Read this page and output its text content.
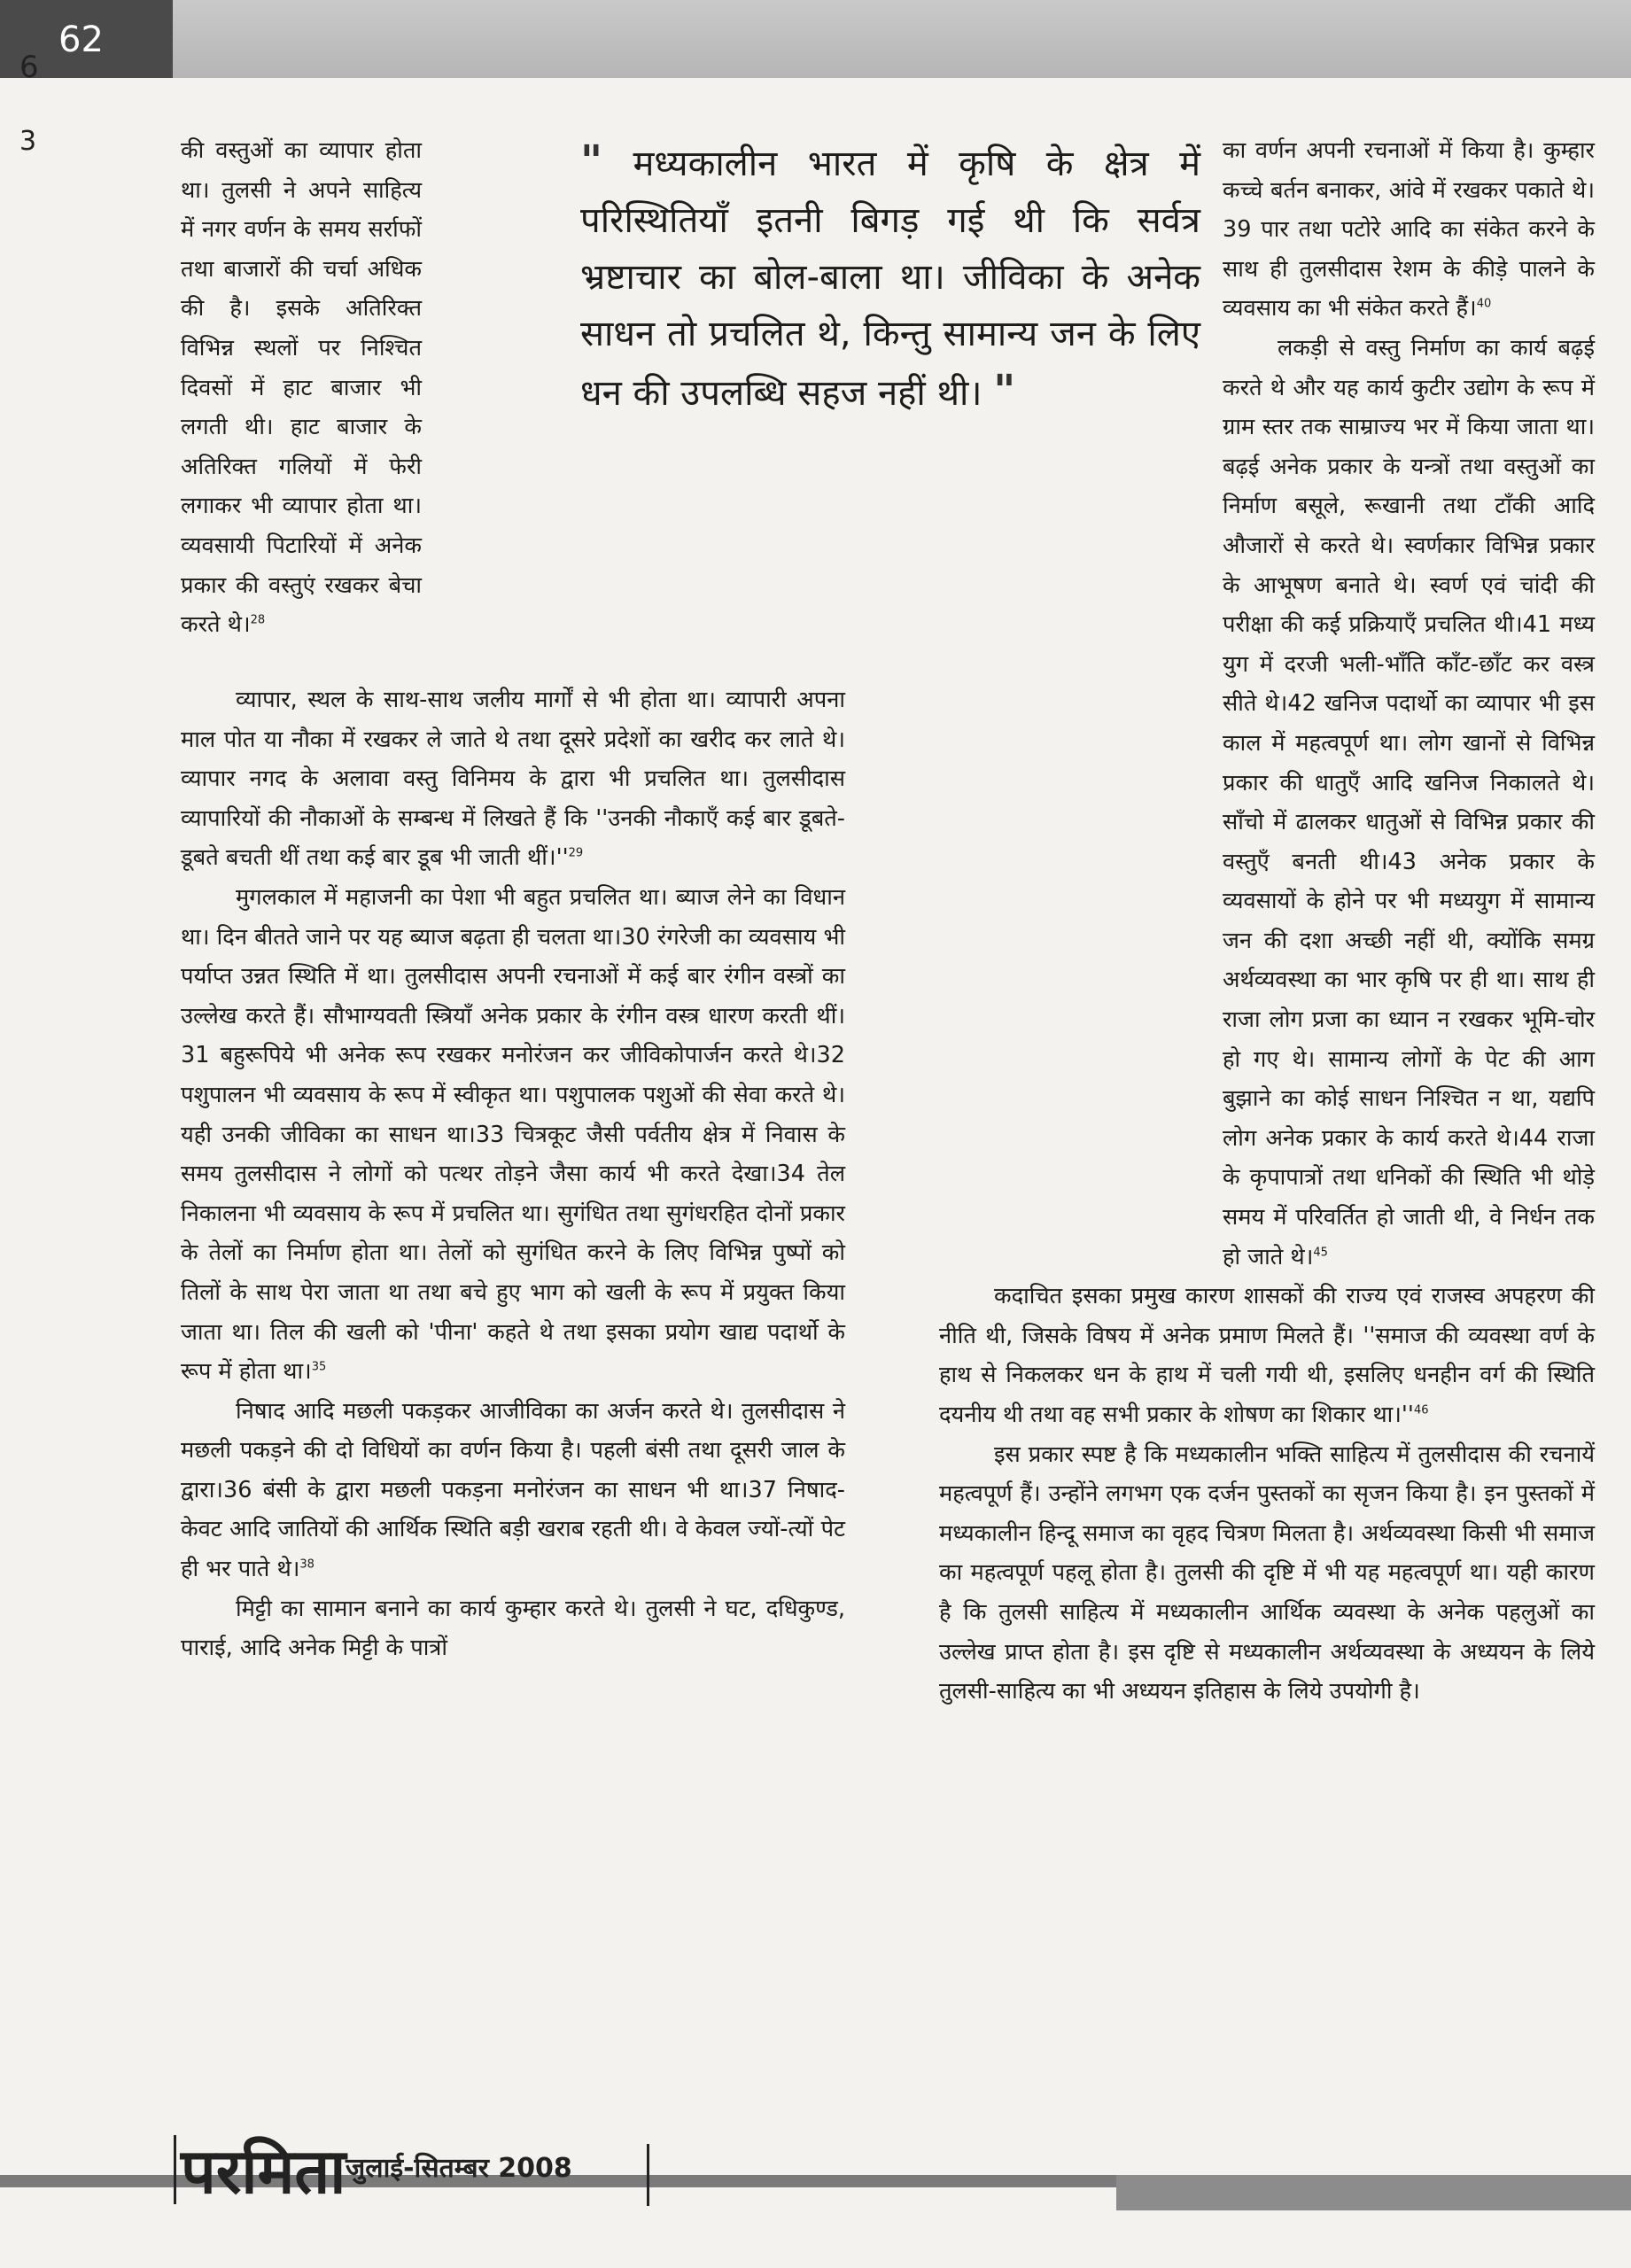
62
6
3	की वस्तुओं का व्यापार होता था। तुलसी ने अपने साहित्य में नगर वर्णन के समय सर्राफों तथा बाजारों की चर्चा अधिक की है। इसके अतिरिक्त विभिन्न स्थलों पर निश्चित दिवसों में हाट बाजार भी लगती थी। हाट बाजार के अतिरिक्त गलियों में फेरी लगाकर भी व्यापार होता था। व्यवसायी पिटारियों में अनेक प्रकार की वस्तुएं रखकर बेचा करते थे।$^{28}$

" मध्यकालीन भारत में कृषि के क्षेत्र में परिस्थितियाँ इतनी बिगड़ गई थी कि सर्वत्र भ्रष्टाचार का बोल-बाला था। जीविका के अनेक साधन तो प्रचलित थे, किन्तु सामान्य जन के लिए धन की उपलब्धि सहज नहीं थी। "

व्यापार, स्थल के साथ-साथ जलीय मार्गों से भी होता था। व्यापारी अपना माल पोत या नौका में रखकर ले जाते थे तथा दूसरे प्रदेशों का खरीद कर लाते थे। व्यापार नगद के अलावा वस्तु विनिमय के द्वारा भी प्रचलित था। तुलसीदास व्यापारियों की नौकाओं के सम्बन्ध में लिखते हैं कि ''उनकी नौकाएँ कई बार डूबते-डूबते बचती थीं तथा कई बार डूब भी जाती $थीं।''^{29}$

मुगलकाल में महाजनी का पेशा भी बहुत प्रचलित था। ब्याज लेने का विधान था। दिन बीतते जाने पर यह ब्याज बढ़ता ही चलता था।30 रंगरेजी का व्यवसाय भी पर्याप्त उन्नत स्थिति में था। तुलसीदास अपनी रचनाओं में कई बार रंगीन वस्त्रों का उल्लेख करते हैं। सौभाग्यवती स्त्रियाँ अनेक प्रकार के रंगीन वस्त्र धारण करती थीं।31 बहुरूपिये भी अनेक रूप रखकर मनोरंजन कर जीविकोपार्जन करते थे।32 पशुपालन भी व्यवसाय के रूप में स्वीकृत था। पशुपालक पशुओं की सेवा करते थे। यही उनकी जीविका का साधन था।33 चित्रकूट जैसी पर्वतीय क्षेत्र में निवास के समय तुलसीदास ने लोगों को पत्थर तोड़ने जैसा कार्य भी करते देखा।34 तेल निकालना भी व्यवसाय के रूप में प्रचलित था। सुगंधित तथा सुगंधरहित दोनों प्रकार के तेलों का निर्माण होता था। तेलों को सुगंधित करने के लिए विभिन्न पुष्पों को तिलों के साथ पेरा जाता था तथा बचे हुए भाग को खली के रूप में प्रयुक्त किया जाता था। तिल की खली को 'पीना' कहते थे तथा इसका प्रयोग खाद्य पदार्थो के रूप में होता था।$^{35}$

निषाद आदि मछली पकड़कर आजीविका का अर्जन करते थे। तुलसीदास ने मछली पकड़ने की दो विधियों का वर्णन किया है। पहली बंसी तथा दूसरी जाल के द्वारा।36 बंसी के द्वारा मछली पकड़ना मनोरंजन का साधन भी था।37 निषाद-केवट आदि जातियों की आर्थिक स्थिति बड़ी खराब रहती थी। वे केवल ज्यों-त्यों पेट ही भर पाते थे।$^{38}$

मिट्टी का सामान बनाने का कार्य कुम्हार करते थे। तुलसी ने घट, दधिकुण्ड, पाराई, आदि अनेक मिट्टी के पात्रों

का वर्णन अपनी रचनाओं में किया है। कुम्हार कच्चे बर्तन बनाकर, आंवे में रखकर पकाते थे।39 पार तथा पटोरे आदि का संकेत करने के साथ ही तुलसीदास रेशम के कीड़े पालने के व्यवसाय का भी संकेत करते हैं।$^{40}$

लकड़ी से वस्तु निर्माण का कार्य बढ़ई करते थे और यह कार्य कुटीर उद्योग के रूप में ग्राम स्तर तक साम्राज्य भर में किया जाता था। बढ़ई अनेक प्रकार के यन्त्रों तथा वस्तुओं का निर्माण बसूले, रूखानी तथा टाँकी आदि औजारों से करते थे। स्वर्णकार विभिन्न प्रकार के आभूषण बनाते थे। स्वर्ण एवं चांदी की परीक्षा की कई प्रक्रियाएँ प्रचलित थी।41 मध्य युग में दरजी भली-भाँति काँट-छाँट कर वस्त्र सीते थे।42 खनिज पदार्थो का व्यापार भी इस काल में महत्वपूर्ण था। लोग खानों से विभिन्न प्रकार की धातुएँ आदि खनिज निकालते थे। साँचो में ढालकर धातुओं से विभिन्न प्रकार की वस्तुएँ बनती थी।43 अनेक प्रकार के व्यवसायों के होने पर भी मध्ययुग में सामान्य जन की दशा अच्छी नहीं थी, क्योंकि समग्र अर्थव्यवस्था का भार कृषि पर ही था। साथ ही राजा लोग प्रजा का ध्यान न रखकर भूमि-चोर हो गए थे। सामान्य लोगों के पेट की आग बुझाने का कोई साधन निश्चित न था, यद्यपि लोग अनेक प्रकार के कार्य करते थे।44 राजा के कृपापात्रों तथा धनिकों की स्थिति भी थोड़े समय में परिवर्तित हो जाती थी, वे निर्धन तक हो जाते थे।$^{45}$

कदाचित इसका प्रमुख कारण शासकों की राज्य एवं राजस्व अपहरण की नीति थी, जिसके विषय में अनेक प्रमाण मिलते हैं। ''समाज की व्यवस्था वर्ण के हाथ से निकलकर धन के हाथ में चली गयी थी, इसलिए धनहीन वर्ग की स्थिति दयनीय थी तथा वह सभी प्रकार के शोषण का शिकार $था।''^{46}$

इस प्रकार स्पष्ट है कि मध्यकालीन भक्ति साहित्य में तुलसीदास की रचनायें महत्वपूर्ण हैं। उन्होंने लगभग एक दर्जन पुस्तकों का सृजन किया है। इन पुस्तकों में मध्यकालीन हिन्दू समाज का वृहद चित्रण मिलता है। अर्थव्यवस्था किसी भी समाज का महत्वपूर्ण पहलू होता है। तुलसी की दृष्टि में भी यह महत्वपूर्ण था। यही कारण है कि तुलसी साहित्य में मध्यकालीन आर्थिक व्यवस्था के अनेक पहलुओं का उल्लेख प्राप्त होता है। इस दृष्टि से मध्यकालीन अर्थव्यवस्था के अध्ययन के लिये तुलसी-साहित्य का भी अध्ययन इतिहास के लिये उपयोगी है।

परमिता जुलाई-सितम्बर 2008
